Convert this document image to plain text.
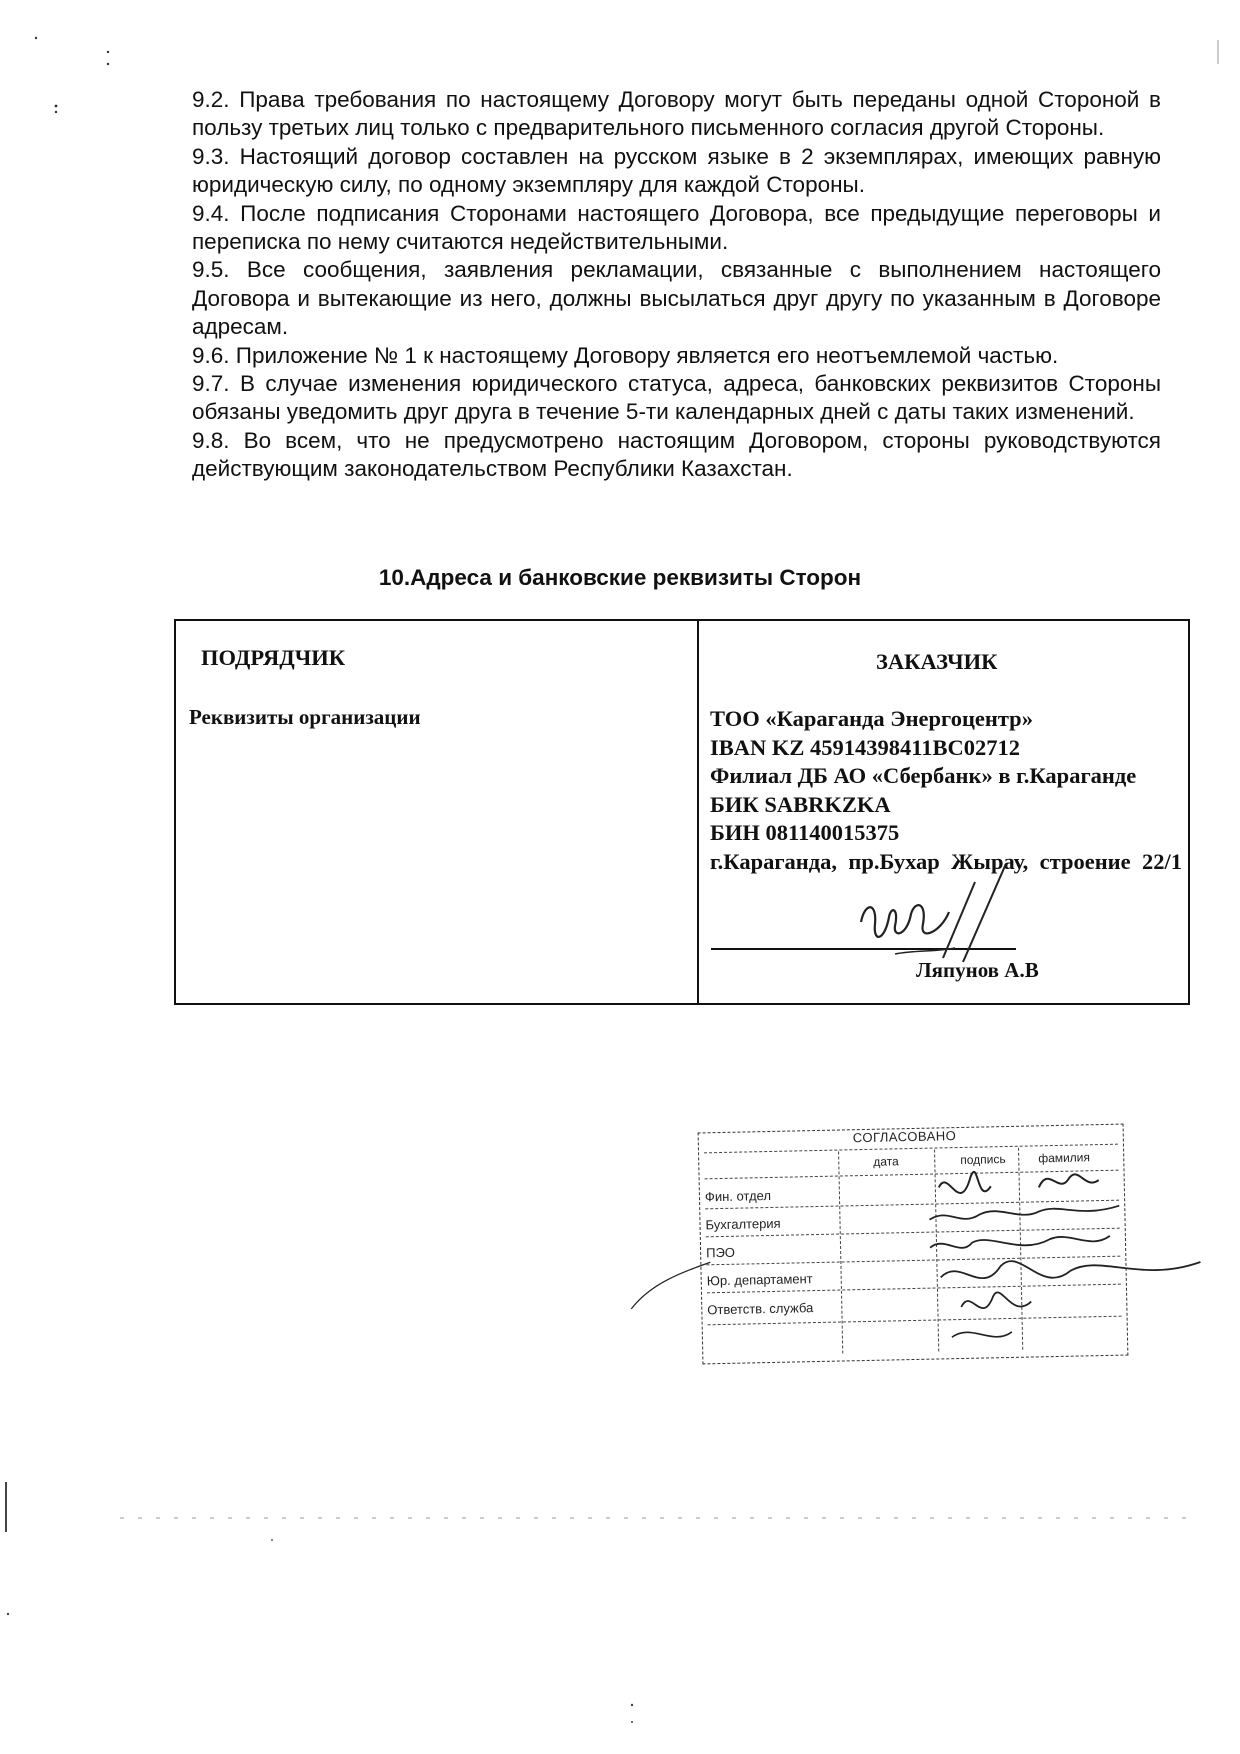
9.2. Права требования по настоящему Договору могут быть переданы одной Стороной в пользу третьих лиц только с предварительного письменного согласия другой Стороны.

9.3. Настоящий договор составлен на русском языке в 2 экземплярах, имеющих равную юридическую силу, по одному экземпляру для каждой Стороны.

9.4. После подписания Сторонами настоящего Договора, все предыдущие переговоры и переписка по нему считаются недействительными.

9.5. Все сообщения, заявления рекламации, связанные с выполнением настоящего Договора и вытекающие из него, должны высылаться друг другу по указанным в Договоре адресам.

9.6. Приложение № 1 к настоящему Договору является его неотъемлемой частью.

9.7. В случае изменения юридического статуса, адреса, банковских реквизитов Стороны обязаны уведомить друг друга в течение 5-ти календарных дней с даты таких изменений.

9.8. Во всем, что не предусмотрено настоящим Договором, стороны руководствуются действующим законодательством Республики Казахстан.

10.Адреса и банковские реквизиты Сторон
ПОДРЯДЧИК
Реквизиты организации
ЗАКАЗЧИК
ТОО «Караганда Энергоцентр»
IBAN KZ 45914398411BC02712
Филиал ДБ АО «Сбербанк» в г.Караганде
БИК SABRKZKA
БИН 081140015375
г.Караганда, пр.Бухар Жырау, строение 22/1
Ляпунов А.В
СОГЛАСОВАНО
дата	подпись	фамилия
Фин. отдел
Бухгалтерия
ПЭО
Юр. департамент
Ответств. служба
